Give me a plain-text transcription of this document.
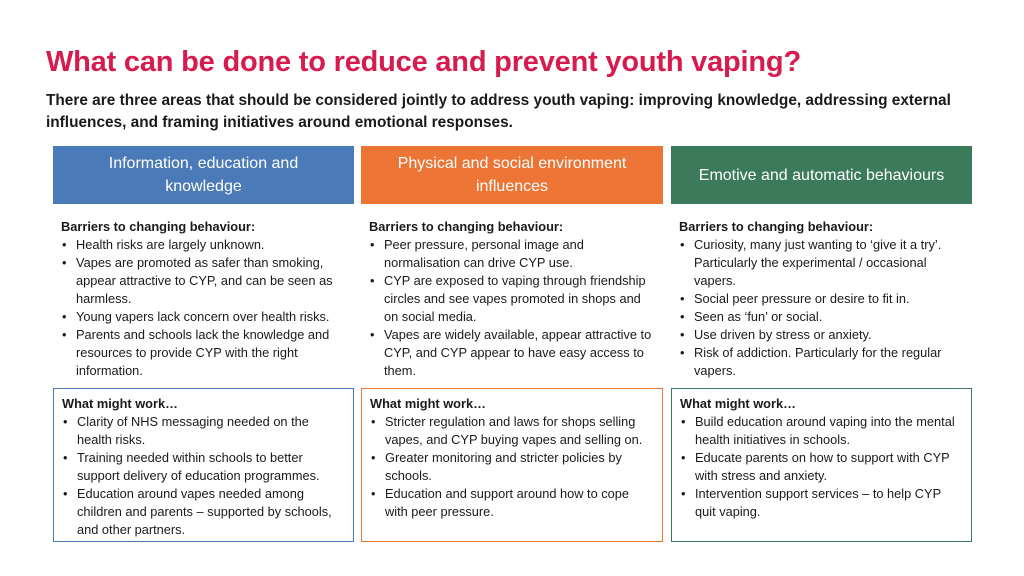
What can be done to reduce and prevent youth vaping?

There are three areas that should be considered jointly to address youth vaping: improving knowledge, addressing external influences, and framing initiatives around emotional responses.

Information, education and knowledge
Barriers to changing behaviour:
• Health risks are largely unknown.
• Vapes are promoted as safer than smoking, appear attractive to CYP, and can be seen as harmless.
• Young vapers lack concern over health risks.
• Parents and schools lack the knowledge and resources to provide CYP with the right information.
What might work…
• Clarity of NHS messaging needed on the health risks.
• Training needed within schools to better support delivery of education programmes.
• Education around vapes needed among children and parents – supported by schools, and other partners.
Physical and social environment influences
Barriers to changing behaviour:
• Peer pressure, personal image and normalisation can drive CYP use.
• CYP are exposed to vaping through friendship circles and see vapes promoted in shops and on social media.
• Vapes are widely available, appear attractive to CYP, and CYP appear to have easy access to them.
What might work…
• Stricter regulation and laws for shops selling vapes, and CYP buying vapes and selling on.
• Greater monitoring and stricter policies by schools.
• Education and support around how to cope with peer pressure.
Emotive and automatic behaviours
Barriers to changing behaviour:
• Curiosity, many just wanting to ‘give it a try’. Particularly the experimental / occasional vapers.
• Social peer pressure or desire to fit in.
• Seen as ‘fun’ or social.
• Use driven by stress or anxiety.
• Risk of addiction. Particularly for the regular vapers.
What might work…
• Build education around vaping into the mental health initiatives in schools.
• Educate parents on how to support with CYP with stress and anxiety.
• Intervention support services – to help CYP quit vaping.
